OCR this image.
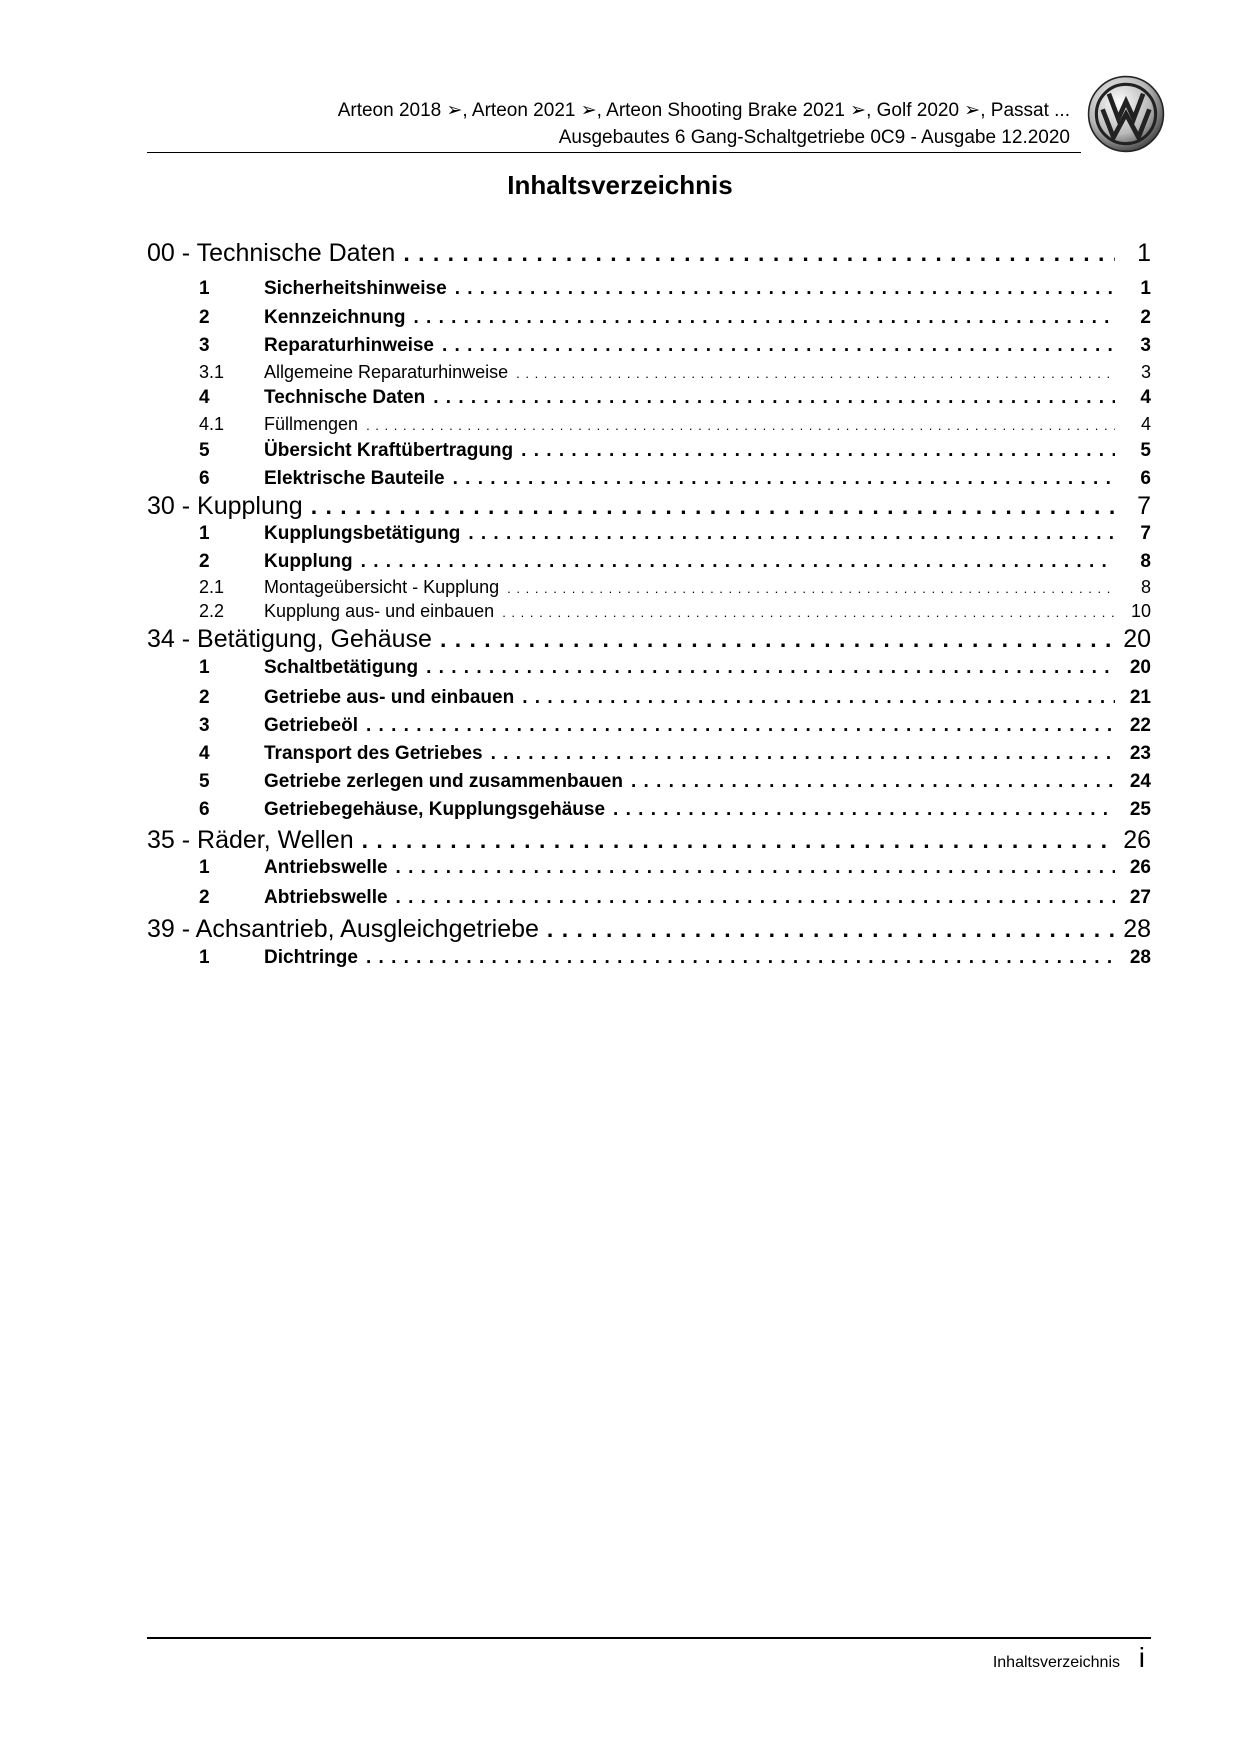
Arteon 2018 ➢, Arteon 2021 ➢, Arteon Shooting Brake 2021 ➢, Golf 2020 ➢, Passat ...
Ausgebautes 6 Gang-Schaltgetriebe 0C9 - Ausgabe 12.2020
Inhaltsverzeichnis
00 - Technische Daten . . .	1
1	Sicherheitshinweise . . .	1
2	Kennzeichnung . . .	2
3	Reparaturhinweise . . .	3
3.1	Allgemeine Reparaturhinweise . . .	3
4	Technische Daten . . .	4
4.1	Füllmengen . . .	4
5	Übersicht Kraftübertragung . . .	5
6	Elektrische Bauteile . . .	6
30 - Kupplung . . .	7
1	Kupplungsbetätigung . . .	7
2	Kupplung . . .	8
2.1	Montageübersicht - Kupplung . . .	8
2.2	Kupplung aus- und einbauen . . .	10
34 - Betätigung, Gehäuse . . .	20
1	Schaltbetätigung . . .	20
2	Getriebe aus- und einbauen . . .	21
3	Getriebeöl . . .	22
4	Transport des Getriebes . . .	23
5	Getriebe zerlegen und zusammenbauen . . .	24
6	Getriebegehäuse, Kupplungsgehäuse . . .	25
35 - Räder, Wellen . . .	26
1	Antriebswelle . . .	26
2	Abtriebswelle . . .	27
39 - Achsantrieb, Ausgleichgetriebe . . .	28
1	Dichtringe . . .	28
Inhaltsverzeichnis i
